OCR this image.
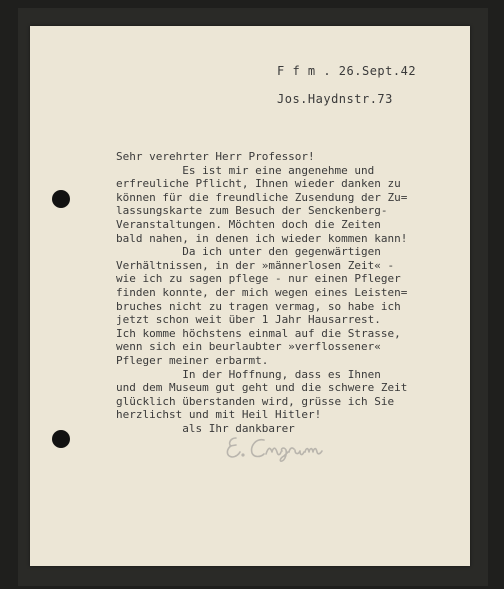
F f m . 26.Sept.42
Jos.Haydnstr.73
Sehr verehrter Herr Professor!
Es ist mir eine angenehme und
erfreuliche Pflicht, Ihnen wieder danken zu
können für die freundliche Zusendung der Zu=
lassungskarte zum Besuch der Senckenberg-
Veranstaltungen. Möchten doch die Zeiten
bald nahen, in denen ich wieder kommen kann!
Da ich unter den gegenwärtigen
Verhältnissen, in der »männerlosen Zeit« -
wie ich zu sagen pflege - nur einen Pfleger
finden konnte, der mich wegen eines Leisten=
bruches nicht zu tragen vermag, so habe ich
jetzt schon weit über 1 Jahr Hausarrest.
Ich komme höchstens einmal auf die Strasse,
wenn sich ein beurlaubter »verflossener«
Pfleger meiner erbarmt.
In der Hoffnung, dass es Ihnen
und dem Museum gut geht und die schwere Zeit
glücklich überstanden wird, grüsse ich Sie
herzlichst und mit Heil Hitler!
als Ihr dankbarer
